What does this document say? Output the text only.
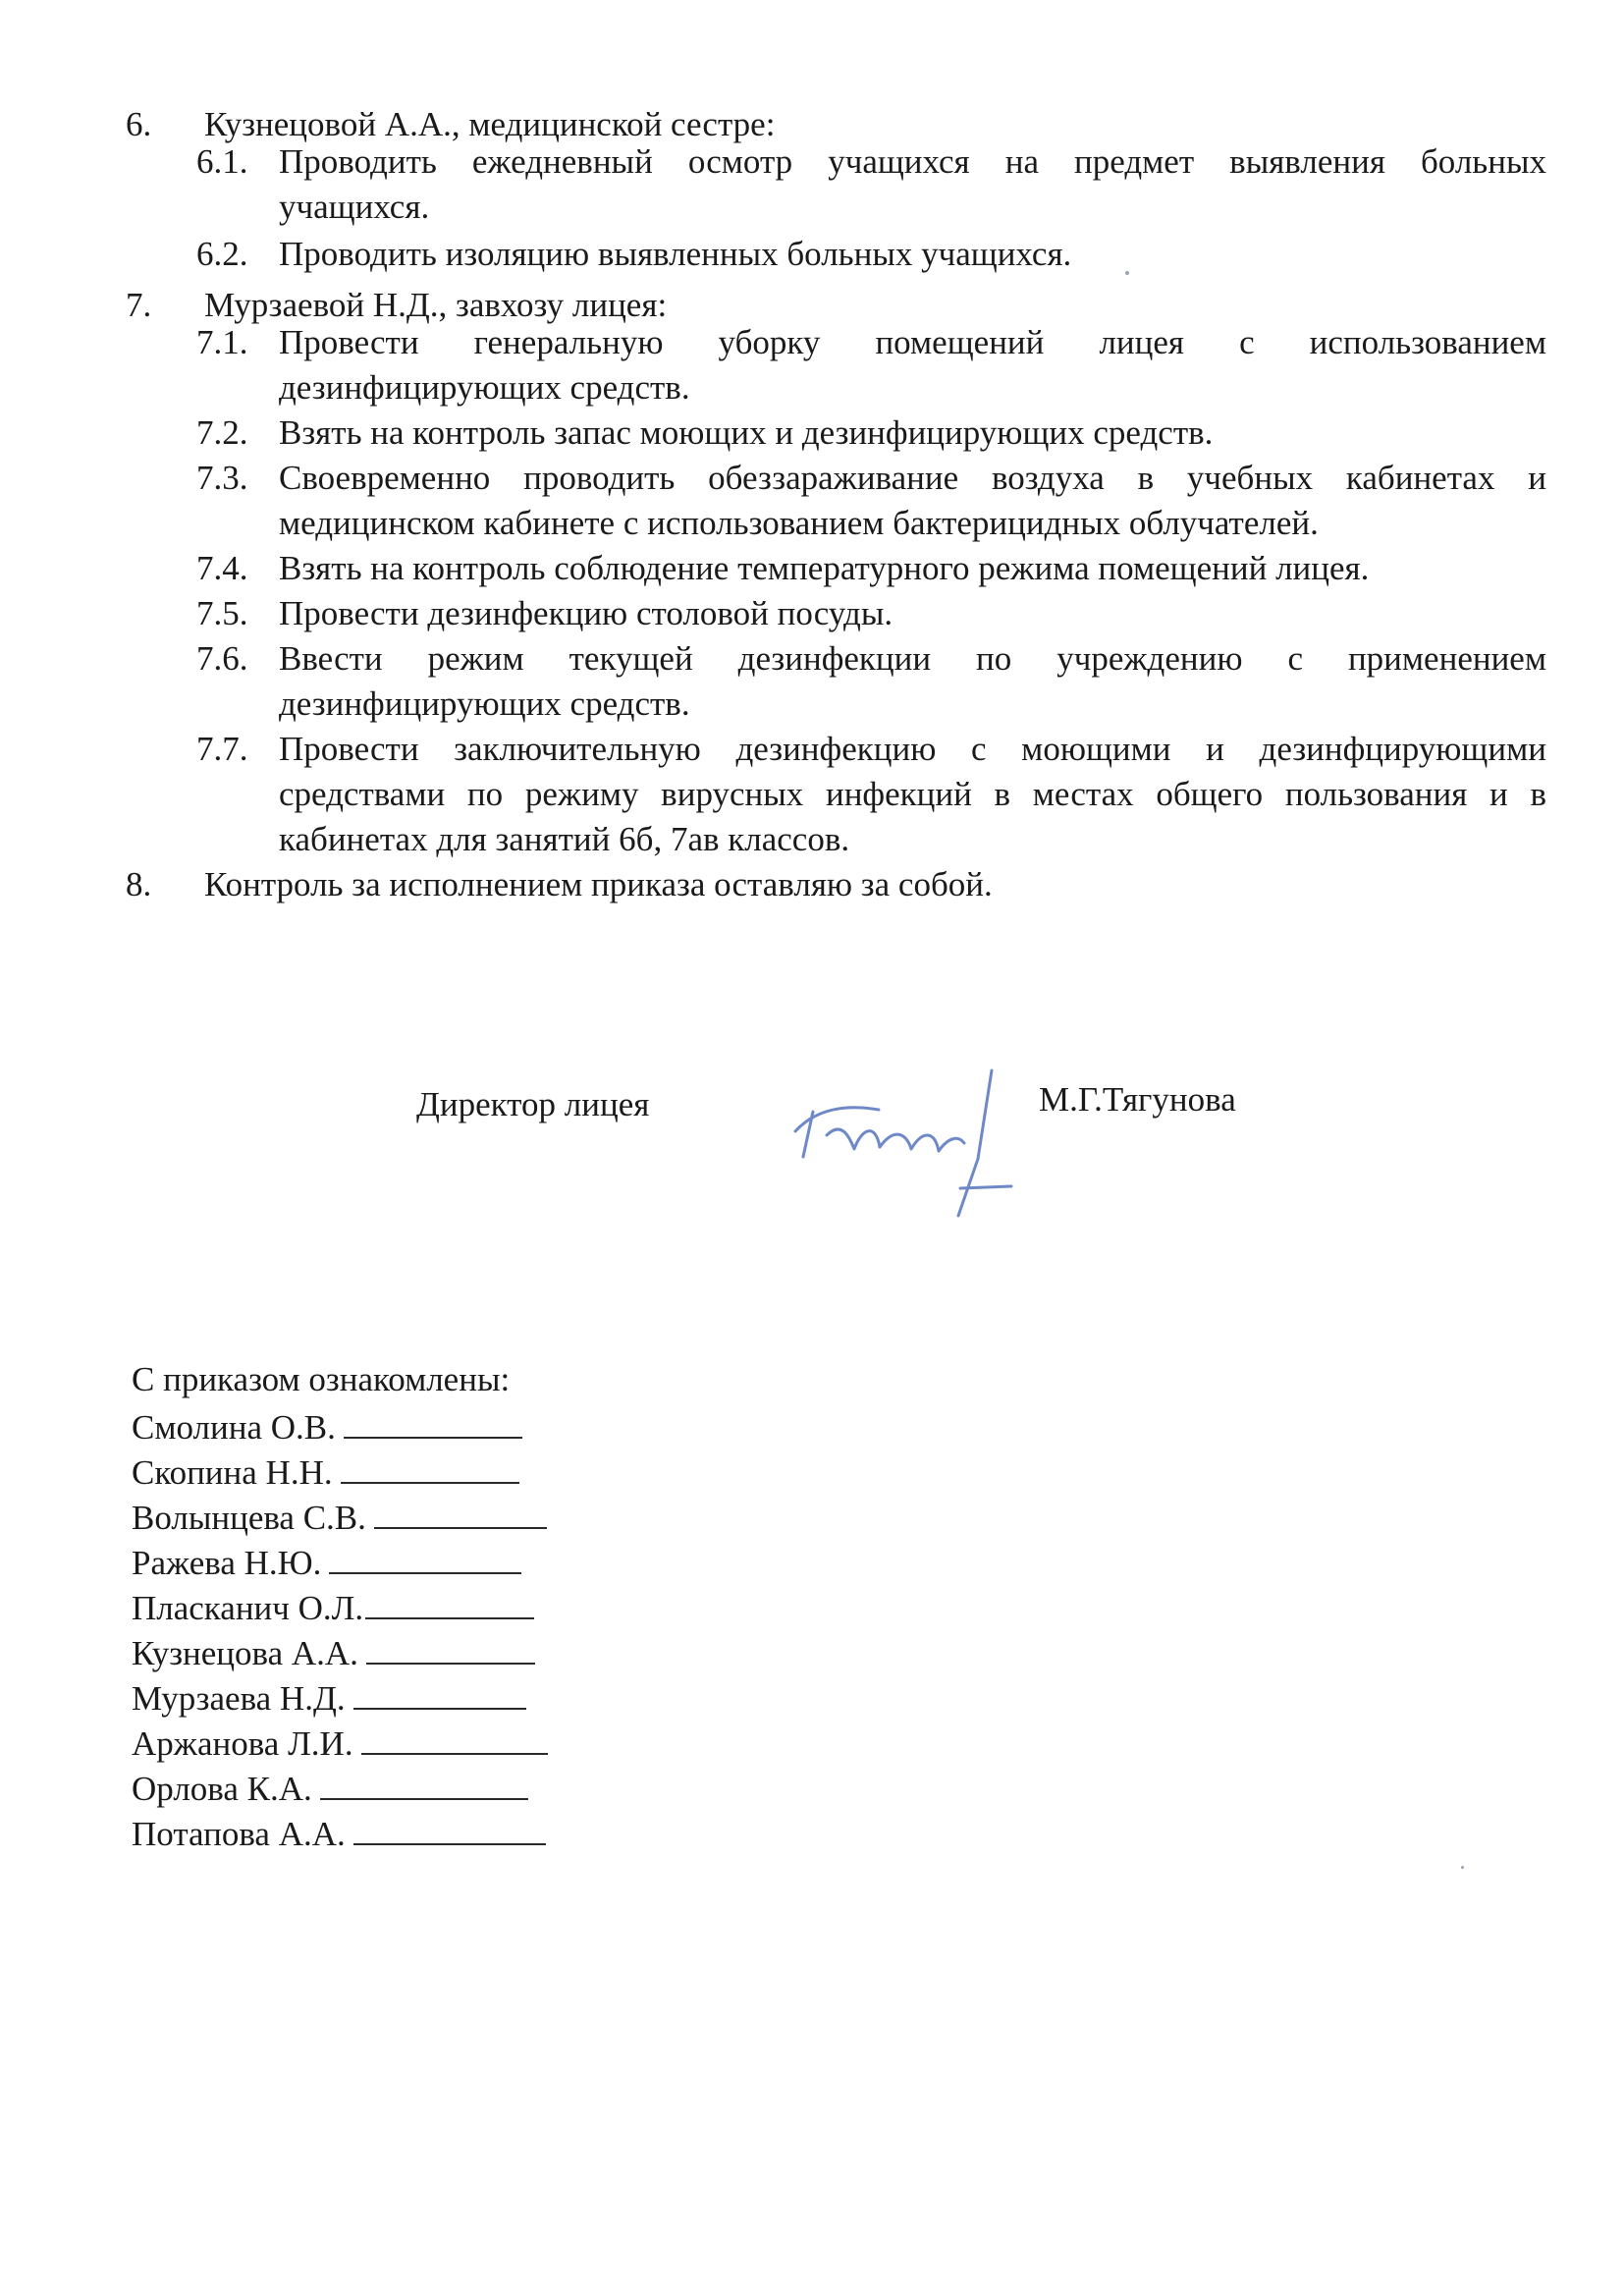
6. Кузнецовой А.А., медицинской сестре:
6.1. Проводить ежедневный осмотр учащихся на предмет выявления больных
учащихся.
6.2. Проводить изоляцию выявленных больных учащихся.
7. Мурзаевой Н.Д., завхозу лицея:
7.1. Провести генеральную уборку помещений лицея с использованием
дезинфицирующих средств.
7.2. Взять на контроль запас моющих и дезинфицирующих средств.
7.3. Своевременно проводить обеззараживание воздуха в учебных кабинетах и
медицинском кабинете с использованием бактерицидных облучателей.
7.4. Взять на контроль соблюдение температурного режима помещений лицея.
7.5. Провести дезинфекцию столовой посуды.
7.6. Ввести режим текущей дезинфекции по учреждению с применением
дезинфицирующих средств.
7.7. Провести заключительную дезинфекцию с моющими и дезинфцирующими
средствами по режиму вирусных инфекций в местах общего пользования и в
кабинетах для занятий 6б, 7ав классов.
8. Контроль за исполнением приказа оставляю за собой.
Директор лицея	М.Г.Тягунова
С приказом ознакомлены:
Смолина О.В.
Скопина Н.Н.
Волынцева С.В.
Ражева Н.Ю.
Пласканич О.Л.
Кузнецова А.А.
Мурзаева Н.Д.
Аржанова Л.И.
Орлова К.А.
Потапова А.А.
